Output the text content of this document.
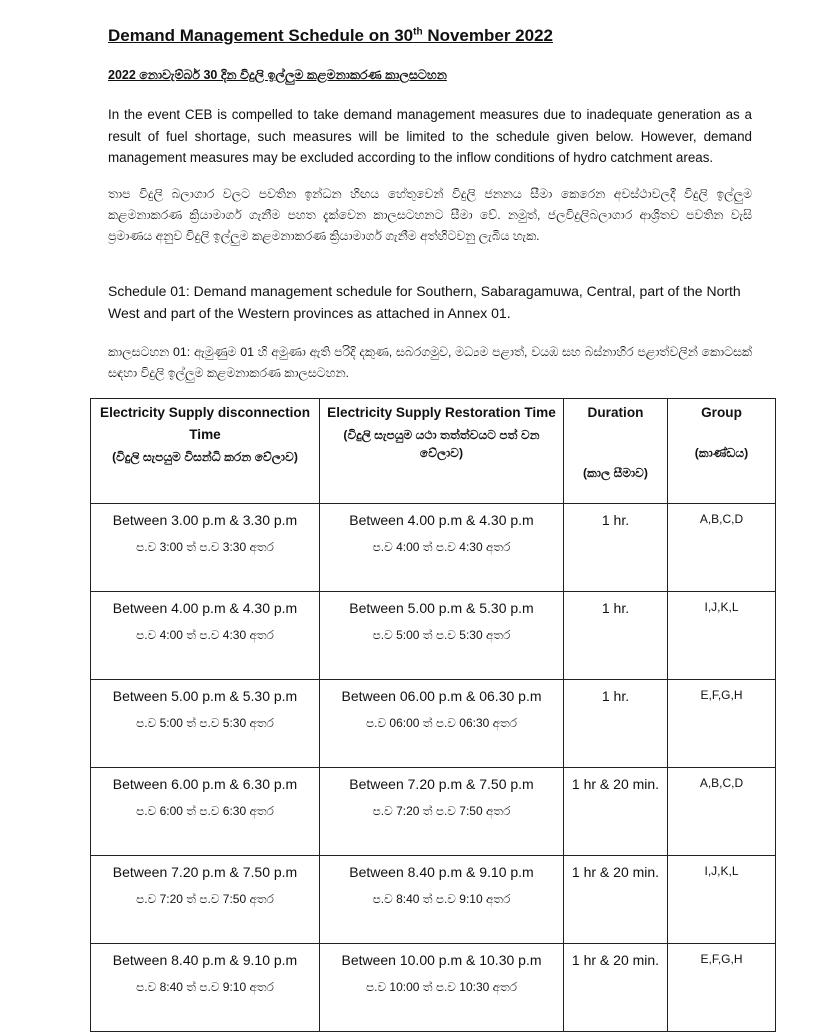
Demand Management Schedule on 30th November 2022
2022 නොවැම්බර් 30 දින විදුලි ඉල්ලුම කළමනාකරණ කාලසටහන
In the event CEB is compelled to take demand management measures due to inadequate generation as a result of fuel shortage, such measures will be limited to the schedule given below. However, demand management measures may be excluded according to the inflow conditions of hydro catchment areas.
තාප විදුලි බලාගාර වලට පවතින ඉන්ධන හිඟය හේතුවෙන් විදුලි ජනනය සීමා කෙරෙන අවස්ථාවලදී විදුලි ඉල්ලුම කළමනාකරණ ක්‍රියාමාර්ග ගැනීම පහත දැක්වෙන කාලසටහනට සීමා වේ. නමුත්, ජලවිදුලිබලාගාර ආශ්‍රිතව පවතින වැසි ප්‍රමාණය අනුව විදුලි ඉල්ලුම කළමනාකරණ ක්‍රියාමාර්ග ගැනීම අත්හිටවනු ලැබිය හැක.
Schedule 01: Demand management schedule for Southern, Sabaragamuwa, Central, part of the North West and part of the Western provinces as attached in Annex 01.
කාලසටහන 01: ඇමුණුම 01 හි අමුණා ඇති පරිදි දකුණ, සබරගමුව, මධ්‍යම පළාත්, වයඹ සහ බස්නාහිර පළාත්වලින් කොටසක් සඳහා විදුලි ඉල්ලුම කළමනාකරණ කාලසටහන.
Electricity Supply disconnection Time
(විදුලි සැපයුම විසන්ධි කරන වේලාව)	Electricity Supply Restoration Time
(විදුලි සැපයුම යථා තත්ත්වයට පත් වන වේලාව)	Duration
(කාල සීමාව)	Group
(කාණ්ඩය)

Between 3.00 p.m & 3.30 p.m
ප.ව 3:00 ත් ප.ව 3:30 අතර	Between 4.00 p.m & 4.30 p.m
ප.ව 4:00 ත් ප.ව 4:30 අතර	1 hr.	A,B,C,D

Between 4.00 p.m & 4.30 p.m
ප.ව 4:00 ත් ප.ව 4:30 අතර	Between 5.00 p.m & 5.30 p.m
ප.ව 5:00 ත් ප.ව 5:30 අතර	1 hr.	I,J,K,L

Between 5.00 p.m & 5.30 p.m
ප.ව 5:00 ත් ප.ව 5:30 අතර	Between 06.00 p.m & 06.30 p.m
ප.ව 06:00 ත් ප.ව 06:30 අතර	1 hr.	E,F,G,H

Between 6.00 p.m & 6.30 p.m
ප.ව 6:00 ත් ප.ව 6:30 අතර	Between 7.20 p.m & 7.50 p.m
ප.ව 7:20 ත් ප.ව 7:50 අතර	1 hr & 20 min.	A,B,C,D

Between 7.20 p.m & 7.50 p.m
ප.ව 7:20 ත් ප.ව 7:50 අතර	Between 8.40 p.m & 9.10 p.m
ප.ව 8:40 ත් ප.ව 9:10 අතර	1 hr & 20 min.	I,J,K,L

Between 8.40 p.m & 9.10 p.m
ප.ව 8:40 ත් ප.ව 9:10 අතර	Between 10.00 p.m & 10.30 p.m
ප.ව 10:00 ත් ප.ව 10:30 අතර	1 hr & 20 min.	E,F,G,H
